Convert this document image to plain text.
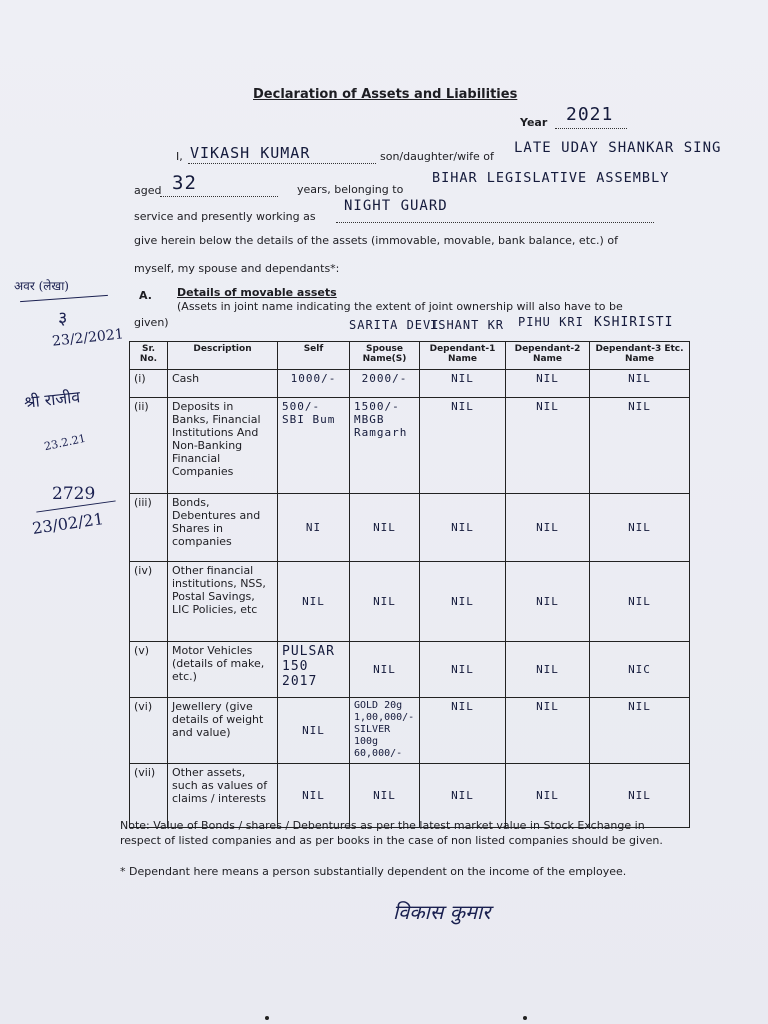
Declaration of Assets and Liabilities
Year 2021
I, VIKASH KUMAR	son/daughter/wife of
LATE UDAY SHANKAR SING
aged 32	years, belonging to
BIHAR LEGISLATIVE ASSEMBLY
service and presently working as
NIGHT GUARD
give herein below the details of the assets (immovable, movable, bank balance, etc.) of
myself, my spouse and dependants*:
A. Details of movable assets
(Assets in joint name indicating the extent of joint ownership will also have to be
given)	SARITA DEVI
ISHANT KR PIHU KRI KSHIRISTI
Sr. No.	Description	Self	Spouse Name(S)	Dependant-1 Name	Dependant-2 Name	Dependant-3 Etc. Name
(i)	Cash	1000/-	2000/-	NIL	NIL	NIL
(ii)	Deposits in Banks, Financial Institutions And Non-Banking Financial Companies	500/- SBI Bum	1500/- MBGB Ramgarh	NIL	NIL	NIL
(iii)	Bonds, Debentures and Shares in companies	NI	NIL	NIL	NIL	NIL
(iv)	Other financial institutions, NSS, Postal Savings, LIC Policies, etc	NIL	NIL	NIL	NIL	NIL
(v)	Motor Vehicles (details of make, etc.)	PULSAR 150 2017	NIL	NIL	NIL	NIC
(vi)	Jewellery (give details of weight and value)	NIL	GOLD 20g 1,00,000/- SILVER 100g 60,000/-	NIL	NIL	NIL
(vii)	Other assets, such as values of claims / interests	NIL	NIL	NIL	NIL	NIL
Note: Value of Bonds / shares / Debentures as per the latest market value in Stock Exchange in respect of listed companies and as per books in the case of non listed companies should be given.
* Dependant here means a person substantially dependent on the income of the employee.
विकास कुमार
अवर (लेखा)
३
23/2/2021
श्री राजीव
23.2.21
2729
23/02/21
